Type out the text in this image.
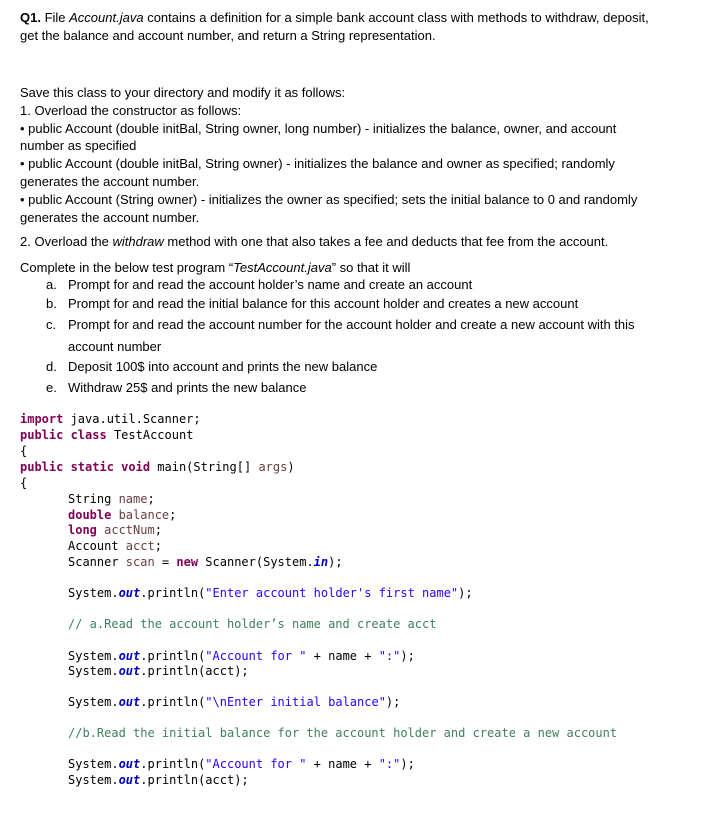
Q1. File Account.java contains a definition for a simple bank account class with methods to withdraw, deposit,
get the balance and account number, and return a String representation.
Save this class to your directory and modify it as follows:
1. Overload the constructor as follows:
• public Account (double initBal, String owner, long number) - initializes the balance, owner, and account
number as specified
• public Account (double initBal, String owner) - initializes the balance and owner as specified; randomly
generates the account number.
• public Account (String owner) - initializes the owner as specified; sets the initial balance to 0 and randomly
generates the account number.
2. Overload the withdraw method with one that also takes a fee and deducts that fee from the account.
Complete in the below test program “TestAccount.java” so that it will
a. Prompt for and read the account holder’s name and create an account
b. Prompt for and read the initial balance for this account holder and creates a new account
c. Prompt for and read the account number for the account holder and create a new account with this
account number
d. Deposit 100$ into account and prints the new balance
e. Withdraw 25$ and prints the new balance
import java.util.Scanner;
public class TestAccount
{
public static void main(String[] args)
{
String name;
double balance;
long acctNum;
Account acct;
Scanner scan = new Scanner(System.in);
System.out.println("Enter account holder's first name");
// a.Read the account holder’s name and create acct
System.out.println("Account for " + name + ":");
System.out.println(acct);
System.out.println("\nEnter initial balance");
//b.Read the initial balance for the account holder and create a new account
System.out.println("Account for " + name + ":");
System.out.println(acct);
